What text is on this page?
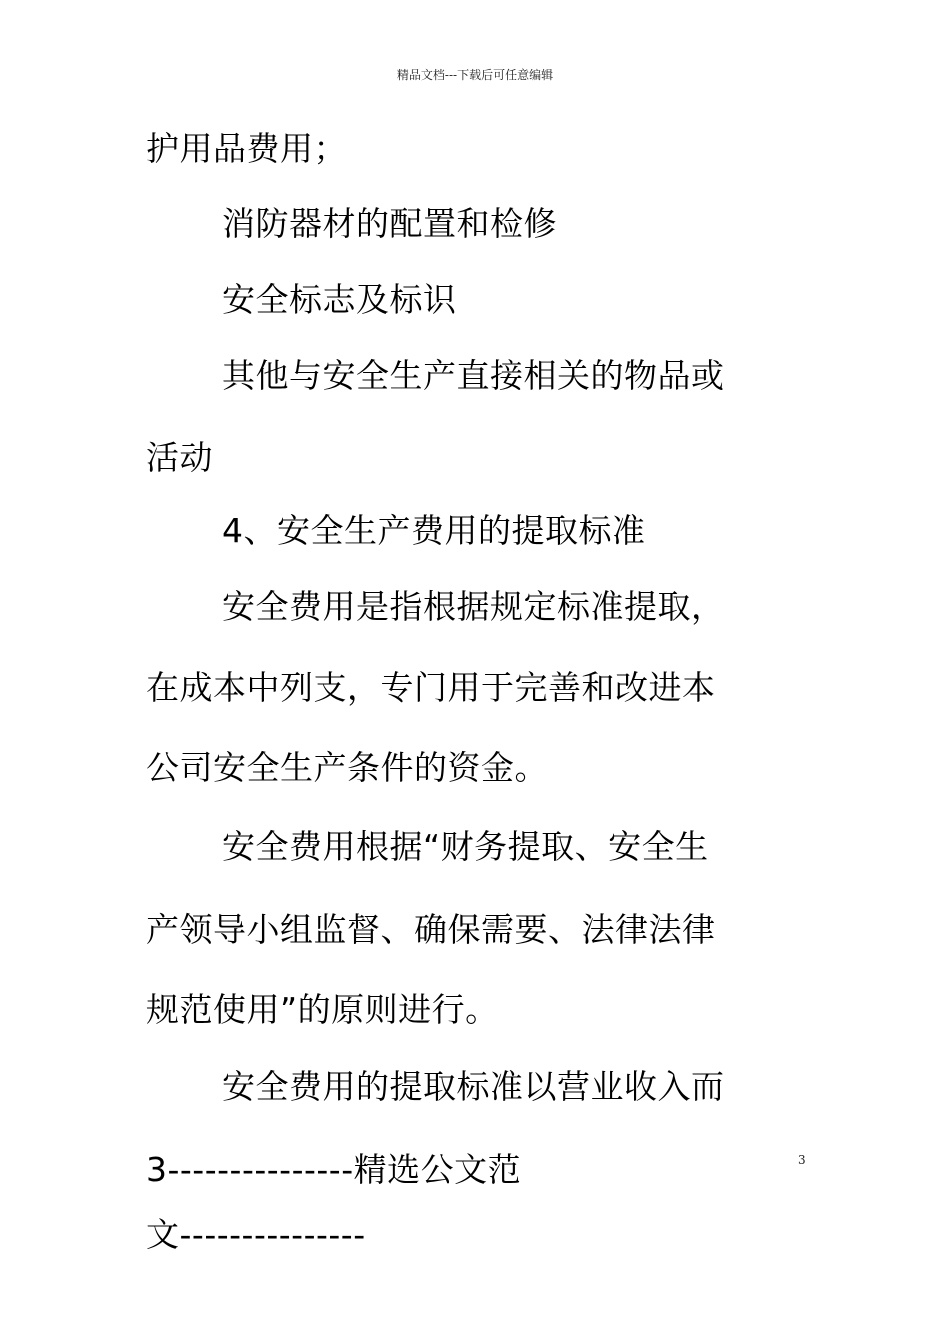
精品文档---下载后可任意编辑
护用品费用；
消防器材的配置和检修
安全标志及标识
其他与安全生产直接相关的物品或
活动
4、安全生产费用的提取标准
安全费用是指根据规定标准提取，
在成本中列支，专门用于完善和改进本
公司安全生产条件的资金。
安全费用根据“财务提取、安全生
产领导小组监督、确保需要、法律法律
规范使用”的原则进行。
安全费用的提取标准以营业收入而
3---------------精选公文范	3
文---------------
